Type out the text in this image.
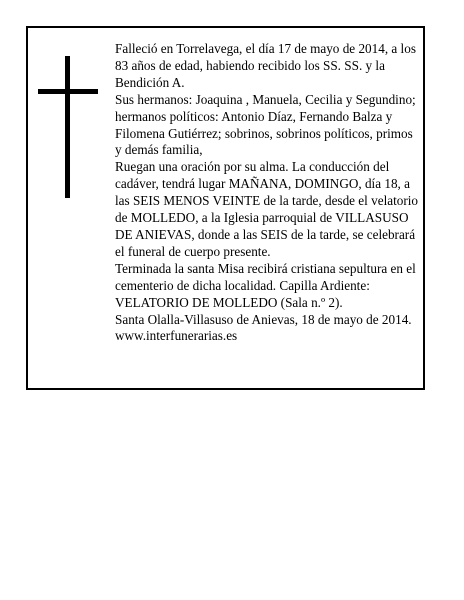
Falleció en Torrelavega, el día 17 de mayo de 2014, a los 83 años de edad, habiendo recibido los SS. SS. y la Bendición A.

Sus hermanos: Joaquina , Manuela, Cecilia y Segundino; hermanos políticos: Antonio Díaz, Fernando Balza y Filomena Gutiérrez; sobrinos, sobrinos políticos, primos y demás familia,

Ruegan una oración por su alma. La conducción del cadáver, tendrá lugar MAÑANA, DOMINGO, día 18, a las SEIS MENOS VEINTE de la tarde, desde el velatorio de MOLLEDO, a la Iglesia parroquial de VILLASUSO DE ANIEVAS, donde a las SEIS de la tarde, se celebrará el funeral de cuerpo presente.

Terminada la santa Misa recibirá cristiana sepultura en el cementerio de dicha localidad. Capilla Ardiente: VELATORIO DE MOLLEDO (Sala n.º 2).

Santa Olalla-Villasuso de Anievas, 18 de mayo de 2014. www.interfunerarias.es
